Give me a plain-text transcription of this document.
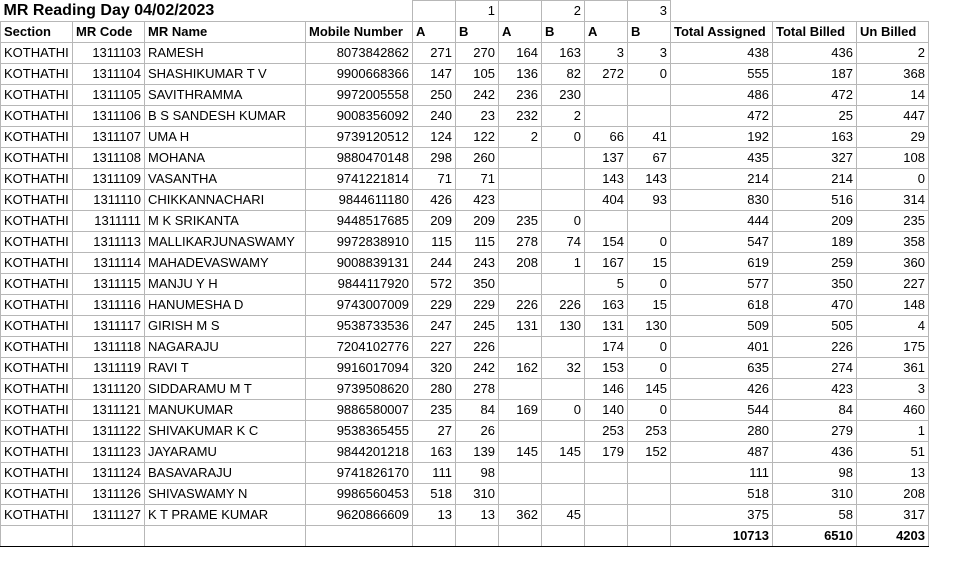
MR Reading Day 04/02/2023					1		2		3			
Section	MR Code	MR Name	Mobile Number	A	B	A	B	A	B	Total Assigned	Total Billed	Un Billed
KOTHATHI	1311103	RAMESH	8073842862	271	270	164	163	3	3	438	436	2
KOTHATHI	1311104	SHASHIKUMAR T V	9900668366	147	105	136	82	272	0	555	187	368
KOTHATHI	1311105	SAVITHRAMMA	9972005558	250	242	236	230			486	472	14
KOTHATHI	1311106	B S SANDESH KUMAR	9008356092	240	23	232	2			472	25	447
KOTHATHI	1311107	UMA H	9739120512	124	122	2	0	66	41	192	163	29
KOTHATHI	1311108	MOHANA	9880470148	298	260			137	67	435	327	108
KOTHATHI	1311109	VASANTHA	9741221814	71	71			143	143	214	214	0
KOTHATHI	1311110	CHIKKANNACHARI	9844611180	426	423			404	93	830	516	314
KOTHATHI	1311111	M K SRIKANTA	9448517685	209	209	235	0			444	209	235
KOTHATHI	1311113	MALLIKARJUNASWAMY	9972838910	115	115	278	74	154	0	547	189	358
KOTHATHI	1311114	MAHADEVASWAMY	9008839131	244	243	208	1	167	15	619	259	360
KOTHATHI	1311115	MANJU Y H	9844117920	572	350			5	0	577	350	227
KOTHATHI	1311116	HANUMESHA D	9743007009	229	229	226	226	163	15	618	470	148
KOTHATHI	1311117	GIRISH M S	9538733536	247	245	131	130	131	130	509	505	4
KOTHATHI	1311118	NAGARAJU	7204102776	227	226			174	0	401	226	175
KOTHATHI	1311119	RAVI T	9916017094	320	242	162	32	153	0	635	274	361
KOTHATHI	1311120	SIDDARAMU M T	9739508620	280	278			146	145	426	423	3
KOTHATHI	1311121	MANUKUMAR	9886580007	235	84	169	0	140	0	544	84	460
KOTHATHI	1311122	SHIVAKUMAR K C	9538365455	27	26			253	253	280	279	1
KOTHATHI	1311123	JAYARAMU	9844201218	163	139	145	145	179	152	487	436	51
KOTHATHI	1311124	BASAVARAJU	9741826170	111	98					111	98	13
KOTHATHI	1311126	SHIVASWAMY N	9986560453	518	310					518	310	208
KOTHATHI	1311127	K T PRAME KUMAR	9620866609	13	13	362	45			375	58	317
										10713	6510	4203
